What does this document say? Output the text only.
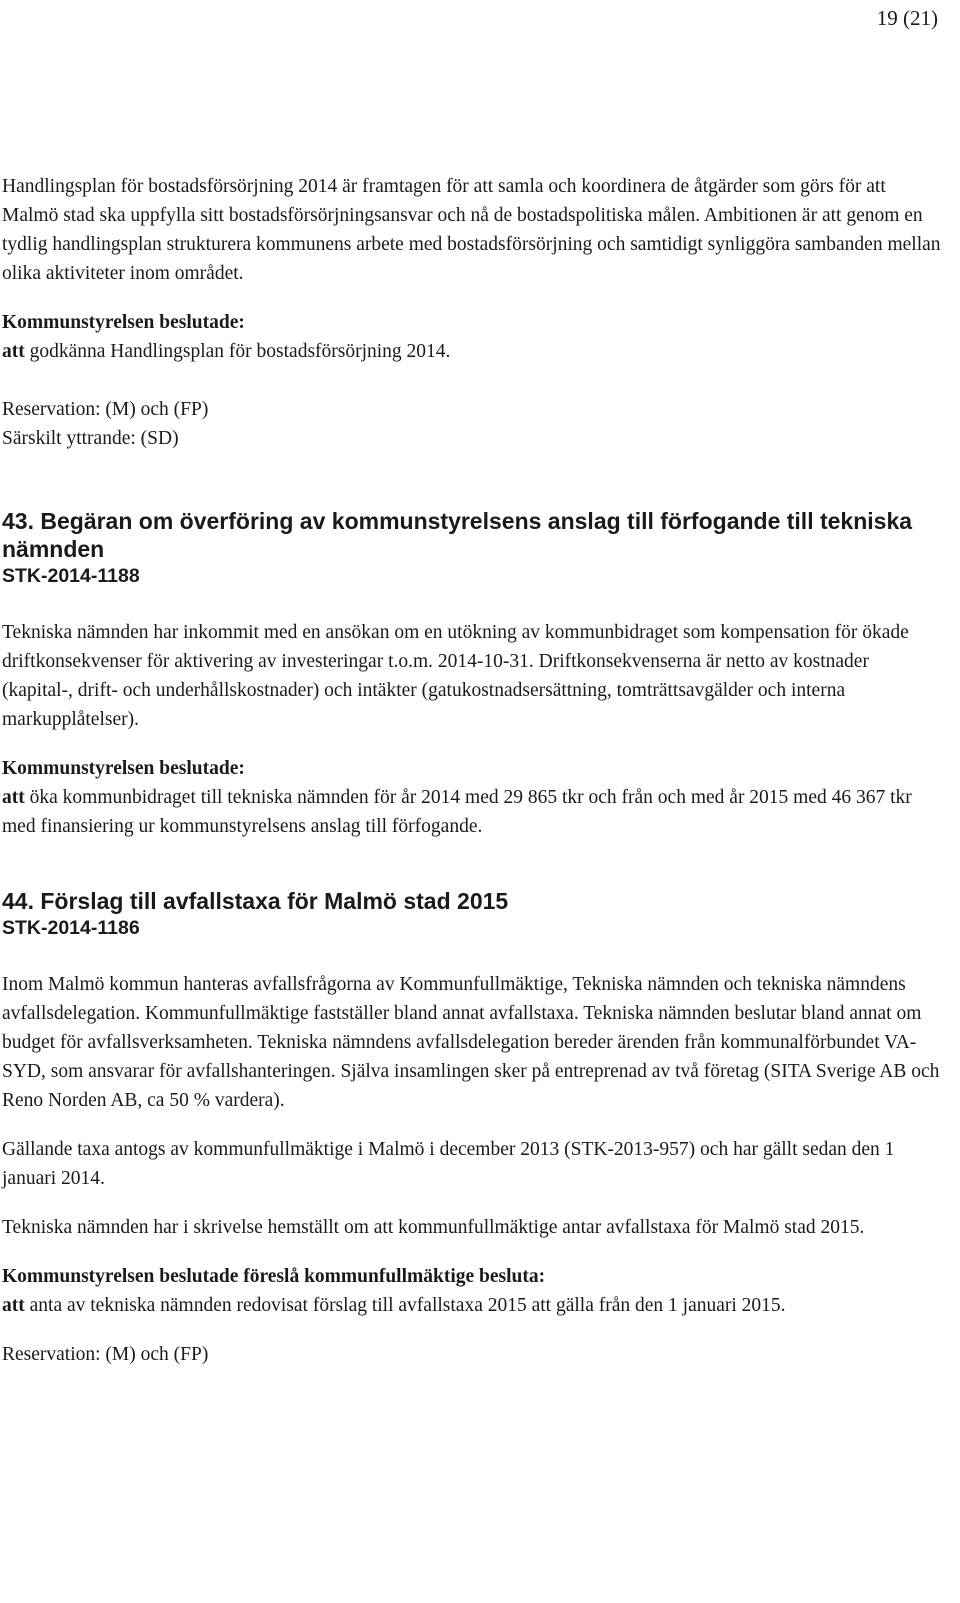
19 (21)

Handlingsplan för bostadsförsörjning 2014 är framtagen för att samla och koordinera de åtgärder som görs för att Malmö stad ska uppfylla sitt bostadsförsörjningsansvar och nå de bostadspolitiska målen. Ambitionen är att genom en tydlig handlingsplan strukturera kommunens arbete med bostadsförsörjning och samtidigt synliggöra sambanden mellan olika aktiviteter inom området.

Kommunstyrelsen beslutade:

att godkänna Handlingsplan för bostadsförsörjning 2014.

Reservation: (M) och (FP)

Särskilt yttrande: (SD)

43. Begäran om överföring av kommunstyrelsens anslag till förfogande till tekniska nämnden
STK-2014-1188

Tekniska nämnden har inkommit med en ansökan om en utökning av kommunbidraget som kompensation för ökade driftkonsekvenser för aktivering av investeringar t.o.m. 2014-10-31. Driftkonsekvenserna är netto av kostnader (kapital-, drift- och underhållskostnader) och intäkter (gatukostnadsersättning, tomträttsavgälder och interna markupplåtelser).

Kommunstyrelsen beslutade:

att öka kommunbidraget till tekniska nämnden för år 2014 med 29 865 tkr och från och med år 2015 med 46 367 tkr med finansiering ur kommunstyrelsens anslag till förfogande.

44. Förslag till avfallstaxa för Malmö stad 2015
STK-2014-1186

Inom Malmö kommun hanteras avfallsfrågorna av Kommunfullmäktige, Tekniska nämnden och tekniska nämndens avfallsdelegation. Kommunfullmäktige fastställer bland annat avfallstaxa. Tekniska nämnden beslutar bland annat om budget för avfallsverksamheten. Tekniska nämndens avfallsdelegation bereder ärenden från kommunalförbundet VA-SYD, som ansvarar för avfallshanteringen. Själva insamlingen sker på entreprenad av två företag (SITA Sverige AB och Reno Norden AB, ca 50 % vardera).

Gällande taxa antogs av kommunfullmäktige i Malmö i december 2013 (STK-2013-957) och har gällt sedan den 1 januari 2014.

Tekniska nämnden har i skrivelse hemställt om att kommunfullmäktige antar avfallstaxa för Malmö stad 2015.

Kommunstyrelsen beslutade föreslå kommunfullmäktige besluta:

att anta av tekniska nämnden redovisat förslag till avfallstaxa 2015 att gälla från den 1 januari 2015.

Reservation: (M) och (FP)
